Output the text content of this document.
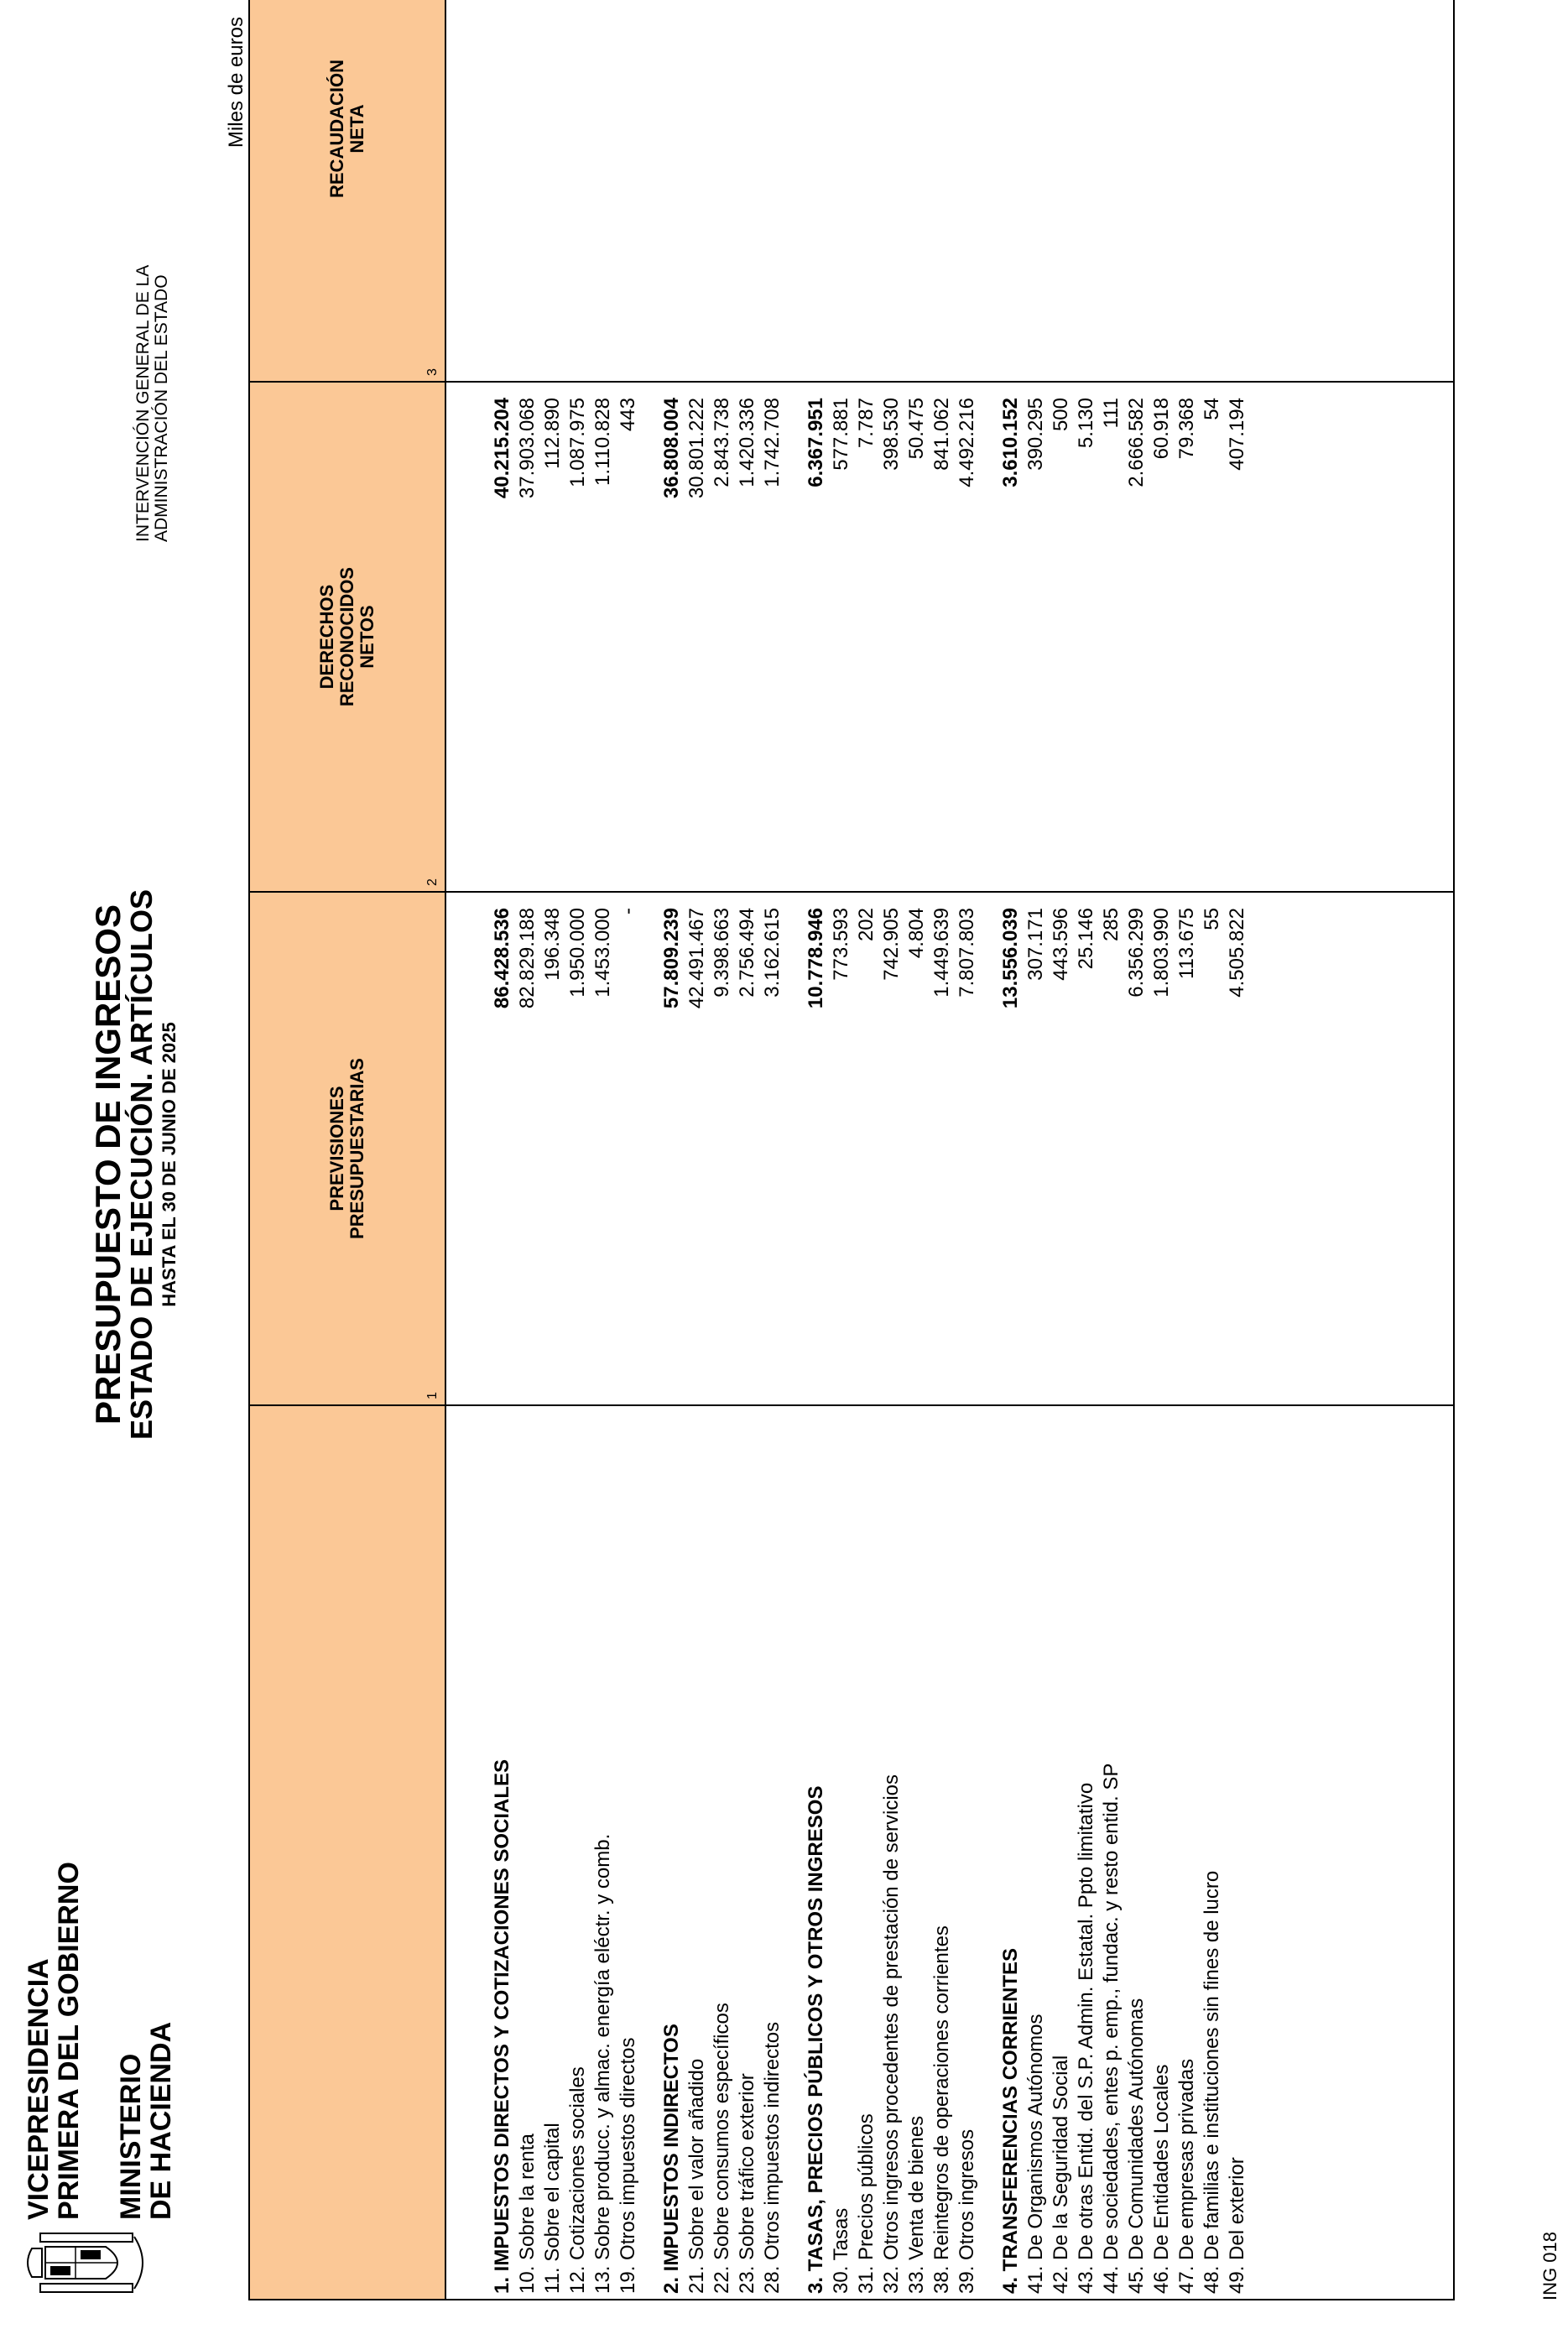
VICEPRESIDENCIA
PRIMERA DEL GOBIERNO MINISTERIO
DE HACIENDA
PRESUPUESTO DE INGRESOS
ESTADO DE EJECUCIÓN. ARTÍCULOS HASTA EL 30 DE JUNIO DE 2025
INTERVENCIÓN GENERAL DE LA ADMINISTRACIÓN DEL ESTADO
Miles de euros

	PREVISIONES PRESUPUESTARIAS
1	DERECHOS RECONOCIDOS NETOS
2	RECAUDACIÓN NETA
3

1. IMPUESTOS DIRECTOS Y COTIZACIONES SOCIALES	86.428.536	40.215.204		
10. Sobre la renta	82.829.188	37.903.068		
11. Sobre el capital	196.348	112.890		
12. Cotizaciones sociales	1.950.000	1.087.975		
13. Sobre producc. y almac. energía eléctr. y comb.	1.453.000	1.110.828		
19. Otros impuestos directos	-	443		

2. IMPUESTOS INDIRECTOS	57.809.239	36.808.004		
21. Sobre el valor añadido	42.491.467	30.801.222		
22. Sobre consumos específicos	9.398.663	2.843.738		
23. Sobre tráfico exterior	2.756.494	1.420.336		
28. Otros impuestos indirectos	3.162.615	1.742.708		

3. TASAS, PRECIOS PÚBLICOS Y OTROS INGRESOS	10.778.946	6.367.951		
30. Tasas	773.593	577.881		
31. Precios públicos	202	7.787		
32. Otros ingresos procedentes de prestación de servicios	742.905	398.530		
33. Venta de bienes	4.804	50.475		
38. Reintegros de operaciones corrientes	1.449.639	841.062		
39. Otros ingresos	7.807.803	4.492.216		

4. TRANSFERENCIAS CORRIENTES	13.556.039	3.610.152		
41. De Organismos Autónomos	307.171	390.295		
42. De la Seguridad Social	443.596	500		
43. De otras Entid. del S.P. Admin. Estatal. Ppto limitativo	25.146	5.130		
44. De sociedades, entes p. emp., fundac. y resto entid. SP	285	111		
45. De Comunidades Autónomas	6.356.299	2.666.582		
46. De Entidades Locales	1.803.990	60.918		
47. De empresas privadas	113.675	79.368		
48. De familias e instituciones sin fines de lucro	55	54		
49. Del exterior	4.505.822	407.194		

ING 018
